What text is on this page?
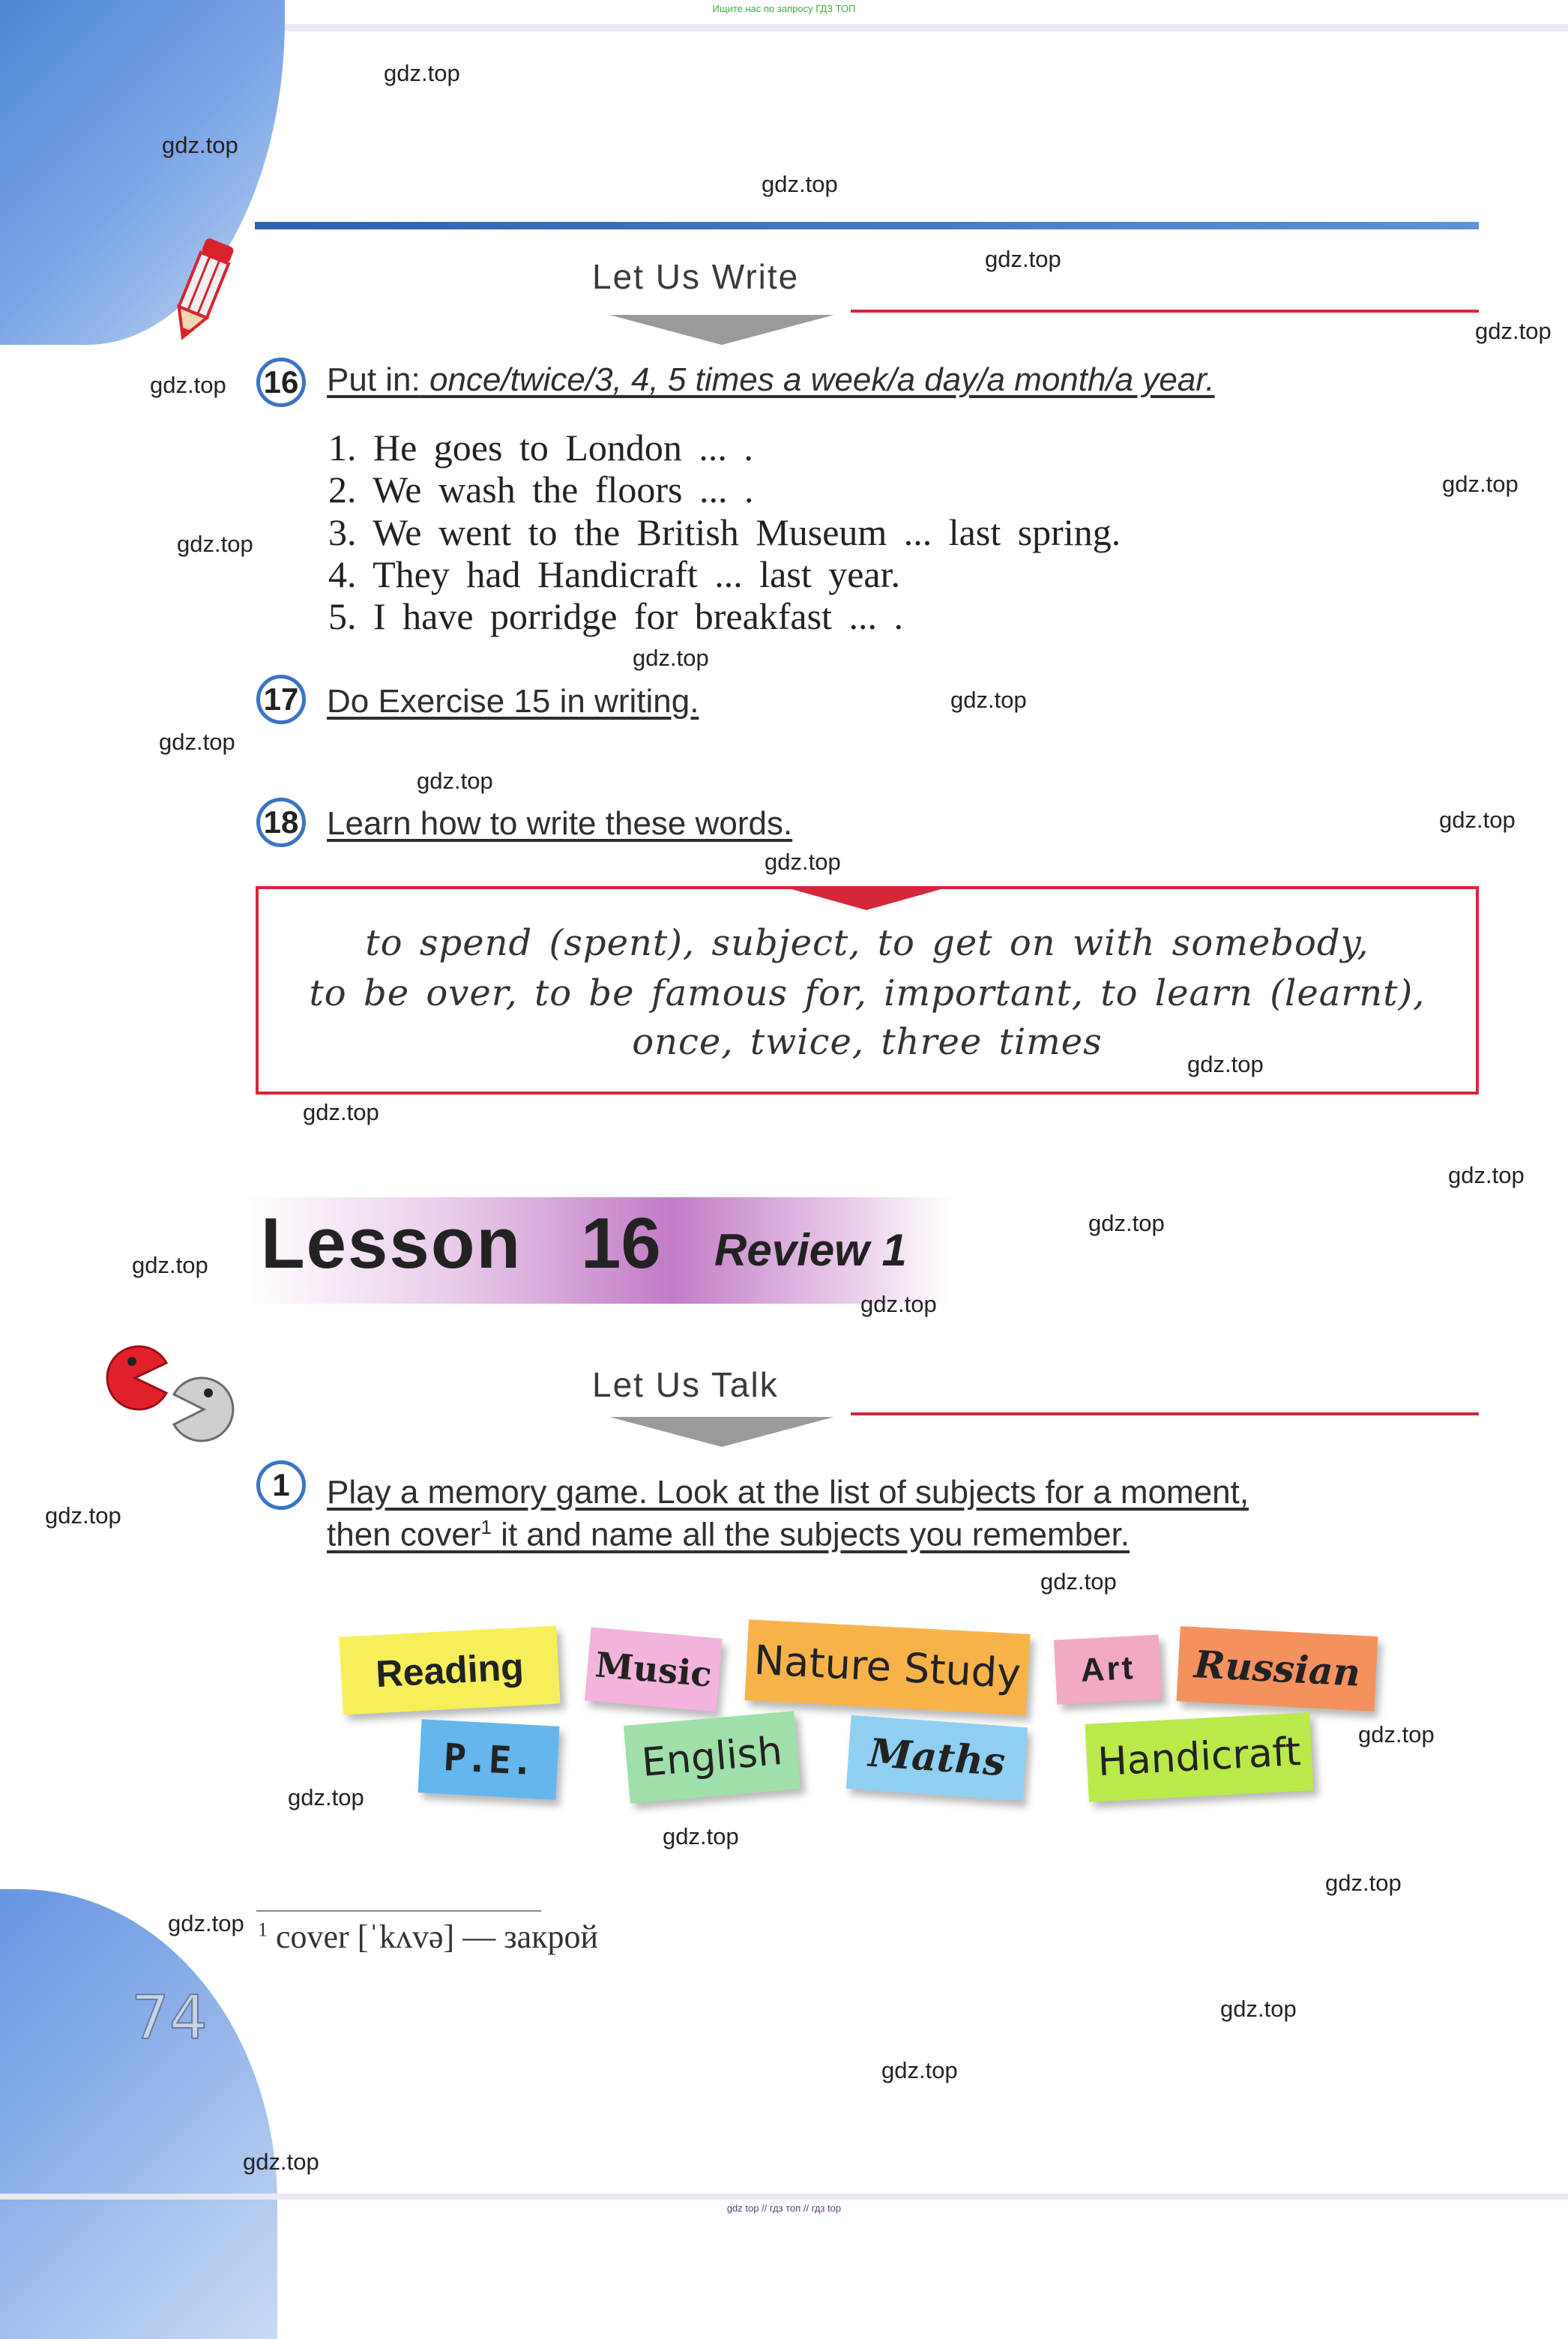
Ищите нас по запросу ГДЗ ТОП
74
Let Us Write
16 Put in: once/twice/3, 4, 5 times a week/a day/a month/a year.
1. He goes to London ... .
2. We wash the floors ... .
3. We went to the British Museum ... last spring.
4. They had Handicraft ... last year.
5. I have porridge for breakfast ... .
17 Do Exercise 15 in writing.
18 Learn how to write these words.
to spend (spent), subject, to get on with somebody,
to be over, to be famous for, important, to learn (learnt),
once, twice, three times
Lesson 16 Review 1
Let Us Talk
1	Play a memory game. Look at the list of subjects for a moment,
then cover$^1$ it and name all the subjects you remember.
Reading	Music Nature Study	Art	Russian
P.E.	English	Maths	Handicraft
$^1$ cover [ˈkʌvə] — закрой
gdz top // гдз топ // гдз top
gdz.top
gdz.top
gdz.top
gdz.top
gdz.top
gdz.top
gdz.top
gdz.top
gdz.top
gdz.top
gdz.top
gdz.top
gdz.top
gdz.top
gdz.top
gdz.top
gdz.top
gdz.top
gdz.top
gdz.top
gdz.top
gdz.top
gdz.top
gdz.top
gdz.top
gdz.top
gdz.top
gdz.top
gdz.top
gdz.top
